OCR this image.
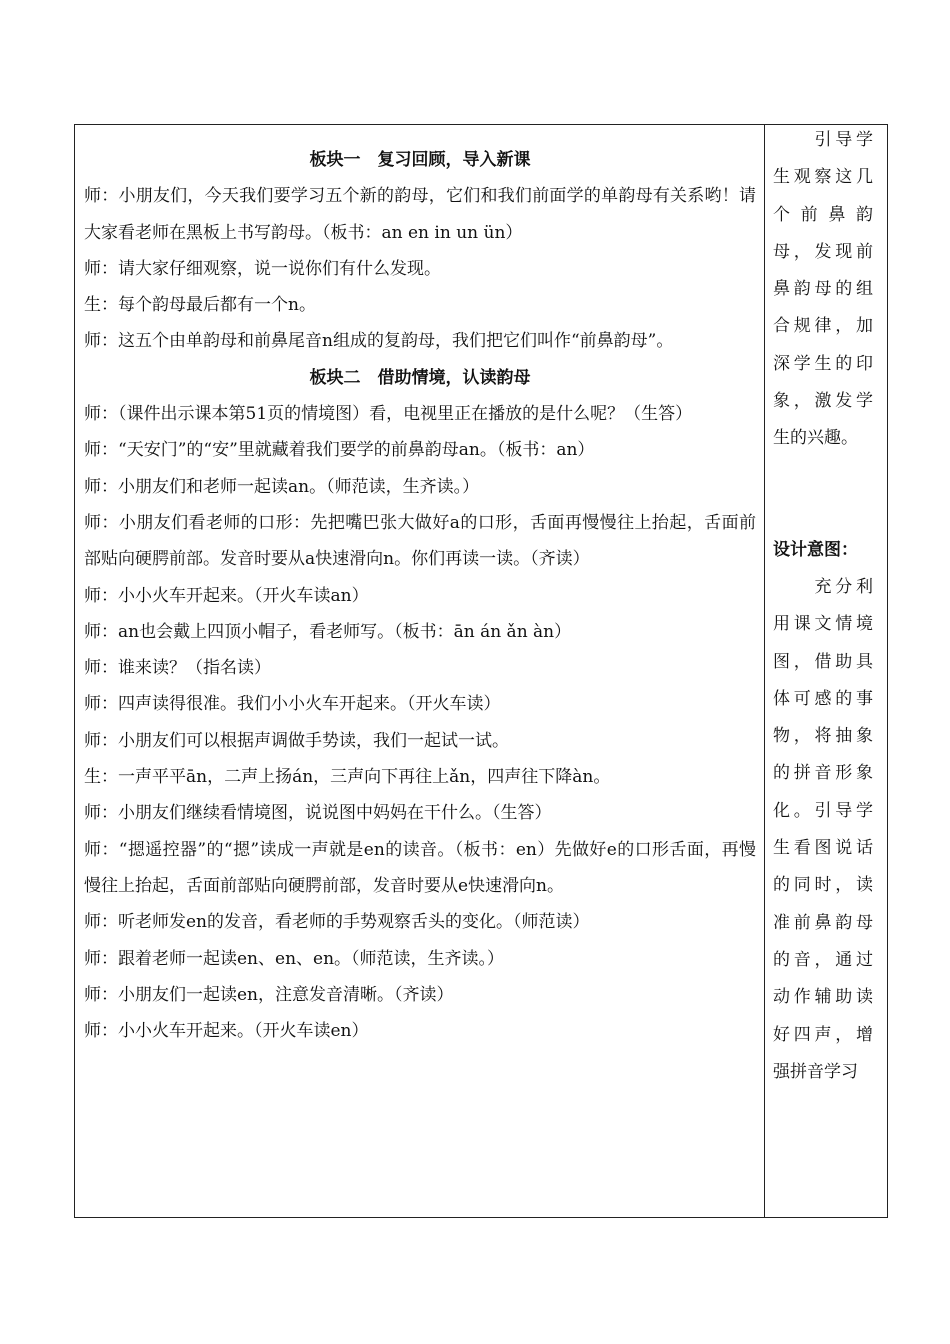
板块一　复习回顾，导入新课

师：小朋友们，今天我们要学习五个新的韵母，它们和我们前面学的单韵母有关系哟！请大家看老师在黑板上书写韵母。（板书：an en in un ün）

师：请大家仔细观察，说一说你们有什么发现。

生：每个韵母最后都有一个n。

师：这五个由单韵母和前鼻尾音n组成的复韵母，我们把它们叫作“前鼻韵母”。

板块二　借助情境，认读韵母

师：（课件出示课本第51页的情境图）看，电视里正在播放的是什么呢？（生答）

师：“天安门”的“安”里就藏着我们要学的前鼻韵母an。（板书：an）

师：小朋友们和老师一起读an。（师范读，生齐读。）

师：小朋友们看老师的口形：先把嘴巴张大做好a的口形，舌面再慢慢往上抬起，舌面前部贴向硬腭前部。发音时要从a快速滑向n。你们再读一读。（齐读）

师：小小火车开起来。（开火车读an）

师：an也会戴上四顶小帽子，看老师写。（板书：ān án ǎn àn）

师：谁来读？（指名读）

师：四声读得很准。我们小小火车开起来。（开火车读）

师：小朋友们可以根据声调做手势读，我们一起试一试。

生：一声平平ān，二声上扬án，三声向下再往上ǎn，四声往下降àn。

师：小朋友们继续看情境图，说说图中妈妈在干什么。（生答）

师：“摁遥控器”的“摁”读成一声就是en的读音。（板书：en）先做好e的口形舌面，再慢慢往上抬起，舌面前部贴向硬腭前部，发音时要从e快速滑向n。

师：听老师发en的发音，看老师的手势观察舌头的变化。（师范读）

师：跟着老师一起读en、en、en。（师范读，生齐读。）

师：小朋友们一起读en，注意发音清晰。（齐读）

师：小小火车开起来。（开火车读en）

　　引导学生观察这几个前鼻韵母，发现前鼻韵母的组合规律，加深学生的印象，激发学生的兴趣。

设计意图：

　　充分利用课文情境图，借助具体可感的事物，将抽象的拼音形象化。引导学生看图说话的同时，读准前鼻韵母的音，通过动作辅助读好四声，增强拼音学习
